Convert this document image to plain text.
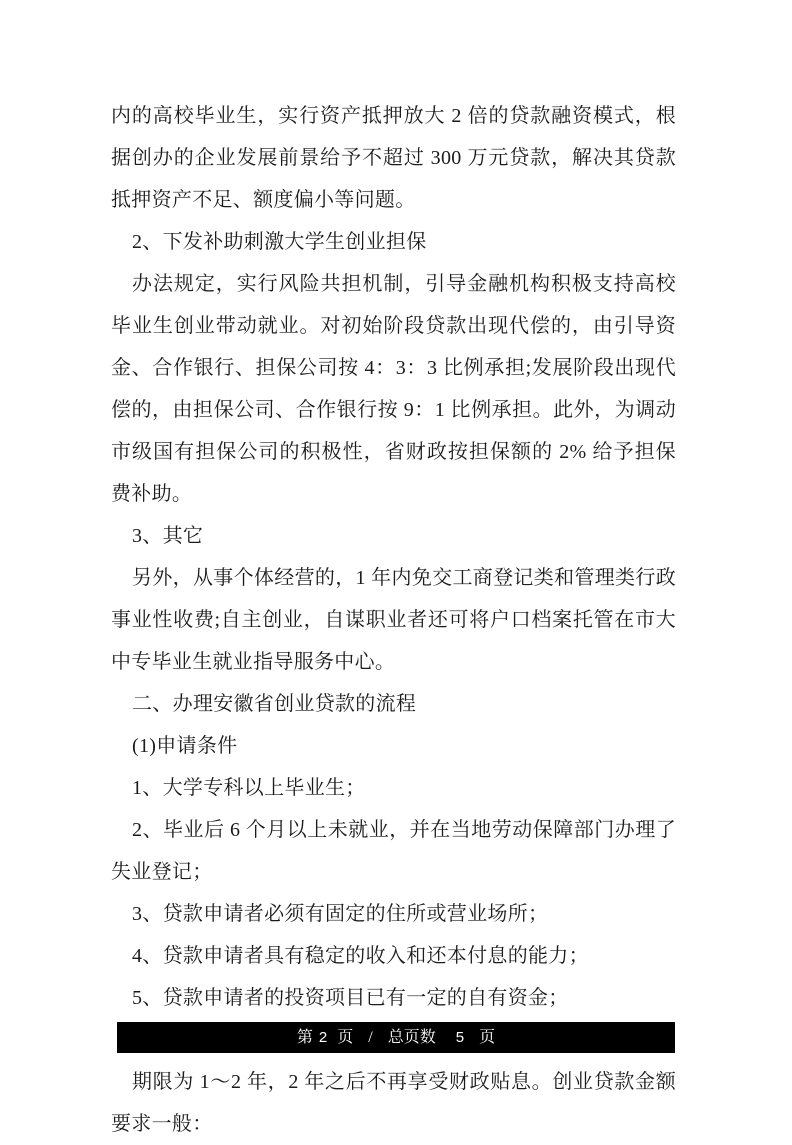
内的高校毕业生，实行资产抵押放大 2 倍的贷款融资模式，根据创办的企业发展前景给予不超过 300 万元贷款，解决其贷款抵押资产不足、额度偏小等问题。

2、下发补助刺激大学生创业担保

办法规定，实行风险共担机制，引导金融机构积极支持高校毕业生创业带动就业。对初始阶段贷款出现代偿的，由引导资金、合作银行、担保公司按 4：3：3 比例承担;发展阶段出现代偿的，由担保公司、合作银行按 9：1 比例承担。此外，为调动市级国有担保公司的积极性，省财政按担保额的 2% 给予担保费补助。

3、其它

另外，从事个体经营的，1 年内免交工商登记类和管理类行政事业性收费;自主创业，自谋职业者还可将户口档案托管在市大中专毕业生就业指导服务中心。

二、办理安徽省创业贷款的流程

(1)申请条件

1、大学专科以上毕业生；

2、毕业后 6 个月以上未就业，并在当地劳动保障部门办理了失业登记；

3、贷款申请者必须有固定的住所或营业场所；

4、贷款申请者具有稳定的收入和还本付息的能力；

5、贷款申请者的投资项目已有一定的自有资金；

期限为 1～2 年，2 年之后不再享受财政贴息。创业贷款金额要求一般：

第 2 页 / 总页数 5 页
